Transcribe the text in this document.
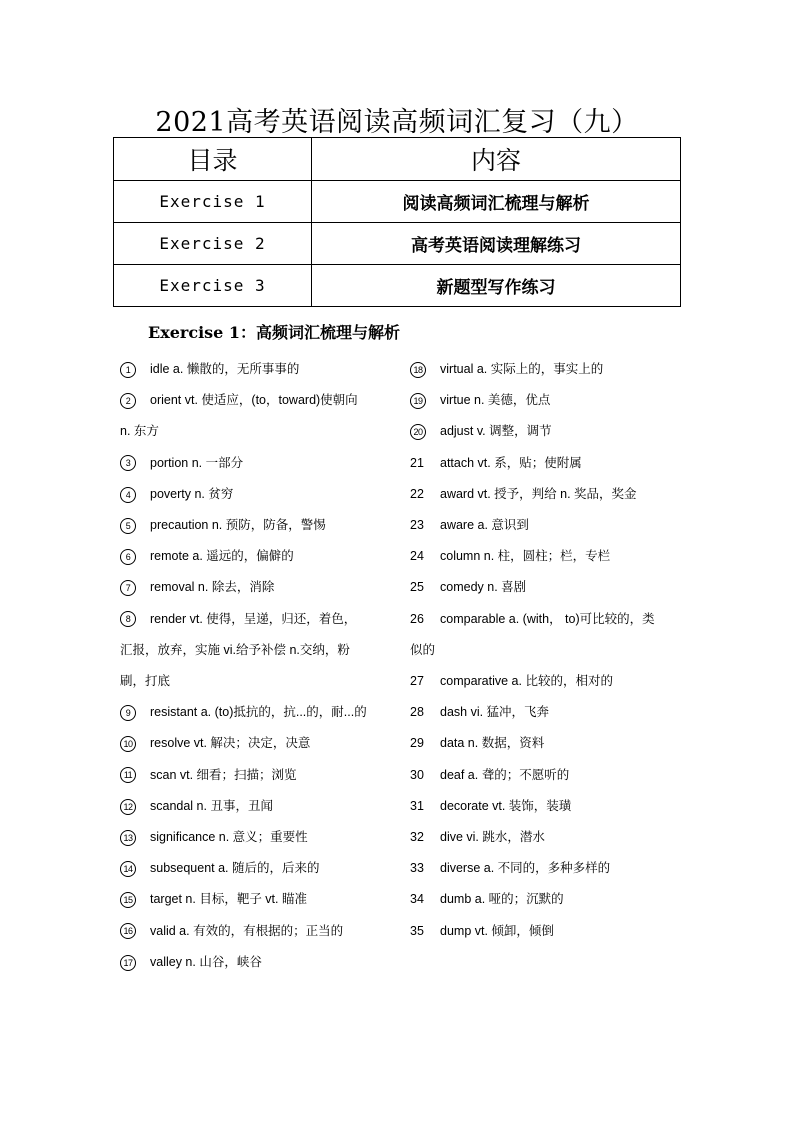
2021高考英语阅读高频词汇复习（九）
目录	内容
Exercise 1	阅读高频词汇梳理与解析
Exercise 2	高考英语阅读理解练习
Exercise 3	新题型写作练习
Exercise 1：高频词汇梳理与解析
1 idle a. 懒散的，无所事事的
2 orient vt. 使适应，(to，toward)使朝向
n. 东方
3 portion n. 一部分
4 poverty n. 贫穷
5 precaution n. 预防，防备，警惕
6 remote a. 遥远的，偏僻的
7 removal n. 除去，消除
8 render vt. 使得，呈递，归还，着色，
汇报，放弃，实施 vi.给予补偿 n.交纳，粉
刷，打底
9 resistant a. (to)抵抗的，抗...的，耐...的
10 resolve vt. 解决；决定，决意
11 scan vt. 细看；扫描；浏览
12 scandal n. 丑事，丑闻
13 significance n. 意义；重要性
14 subsequent a. 随后的，后来的
15 target n. 目标，靶子 vt. 瞄准
16 valid a. 有效的，有根据的；正当的
17 valley n. 山谷，峡谷
18 virtual a. 实际上的，事实上的
19 virtue n. 美德，优点
20 adjust v. 调整，调节
21 attach vt. 系，贴；使附属
22 award vt. 授予，判给 n. 奖品，奖金
23 aware a. 意识到
24 column n. 柱，圆柱；栏，专栏
25 comedy n. 喜剧
26 comparable a. (with， to)可比较的，类
似的
27 comparative a. 比较的，相对的
28 dash vi. 猛冲，飞奔
29 data n. 数据，资料
30 deaf a. 聋的；不愿听的
31 decorate vt. 装饰，装璜
32 dive vi. 跳水，潜水
33 diverse a. 不同的，多种多样的
34 dumb a. 哑的；沉默的
35 dump vt. 倾卸，倾倒
